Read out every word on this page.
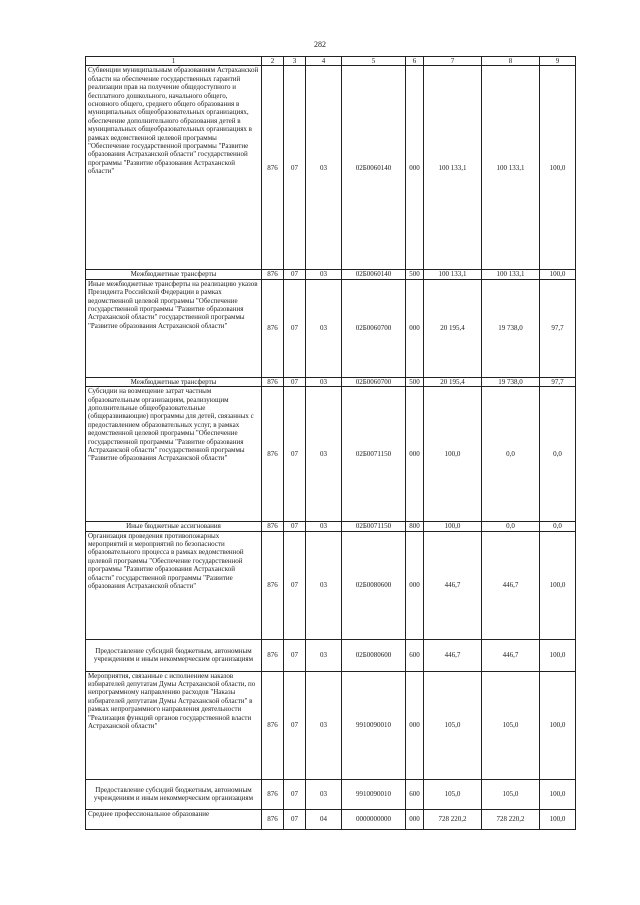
282
1	2	3	4	5	6	7	8	9
Субвенции муниципальным образованиям Астраханской области на обеспечение государственных гарантий реализации прав на получение общедоступного и бесплатного дошкольного, начального общего, основного общего, среднего общего образования в муниципальных общеобразовательных организациях, обеспечение дополнительного образования детей в муниципальных общеобразовательных организациях в рамках ведомственной целевой программы "Обеспечение государственной программы "Развитие образования Астраханской области" государственной программы "Развитие образования Астраханской области"	876	07	03	02Б0060140	000	100 133,1	100 133,1	100,0
Межбюджетные трансферты	876	07	03	02Б0060140	500	100 133,1	100 133,1	100,0
Иные межбюджетные трансферты на реализацию указов Президента Российской Федерации в рамках ведомственной целевой программы "Обеспечение государственной программы "Развитие образования Астраханской области" государственной программы "Развитие образования Астраханской области"	876	07	03	02Б0060700	000	20 195,4	19 738,0	97,7
Межбюджетные трансферты	876	07	03	02Б0060700	500	20 195,4	19 738,0	97,7
Субсидии на возмещение затрат частным образовательным организациям, реализующим дополнительные общеобразовательные (общеразвивающие) программы для детей, связанных с предоставлением образовательных услуг, в рамках ведомственной целевой программы "Обеспечение государственной программы "Развитие образования Астраханской области" государственной программы "Развитие образования Астраханской области"	876	07	03	02Б0071150	000	100,0	0,0	0,0
Иные бюджетные ассигнования	876	07	03	02Б0071150	800	100,0	0,0	0,0
Организация проведения противопожарных мероприятий и мероприятий по безопасности образовательного процесса в рамках ведомственной целевой программы "Обеспечение государственной программы "Развитие образования Астраханской области" государственной программы "Развитие образования Астраханской области"	876	07	03	02Б0080600	000	446,7	446,7	100,0
Предоставление субсидий бюджетным, автономным учреждениям и иным некоммерческим организациям	876	07	03	02Б0080600	600	446,7	446,7	100,0
Мероприятия, связанные с исполнением наказов избирателей депутатам Думы Астраханской области, по непрограммному направлению расходов "Наказы избирателей депутатам Думы Астраханской области" в рамках непрограммного направления деятельности "Реализация функций органов государственной власти Астраханской области"	876	07	03	9910090010	000	105,0	105,0	100,0
Предоставление субсидий бюджетным, автономным учреждениям и иным некоммерческим организациям	876	07	03	9910090010	600	105,0	105,0	100,0
Среднее профессиональное образование	876	07	04	0000000000	000	728 220,2	728 220,2	100,0
